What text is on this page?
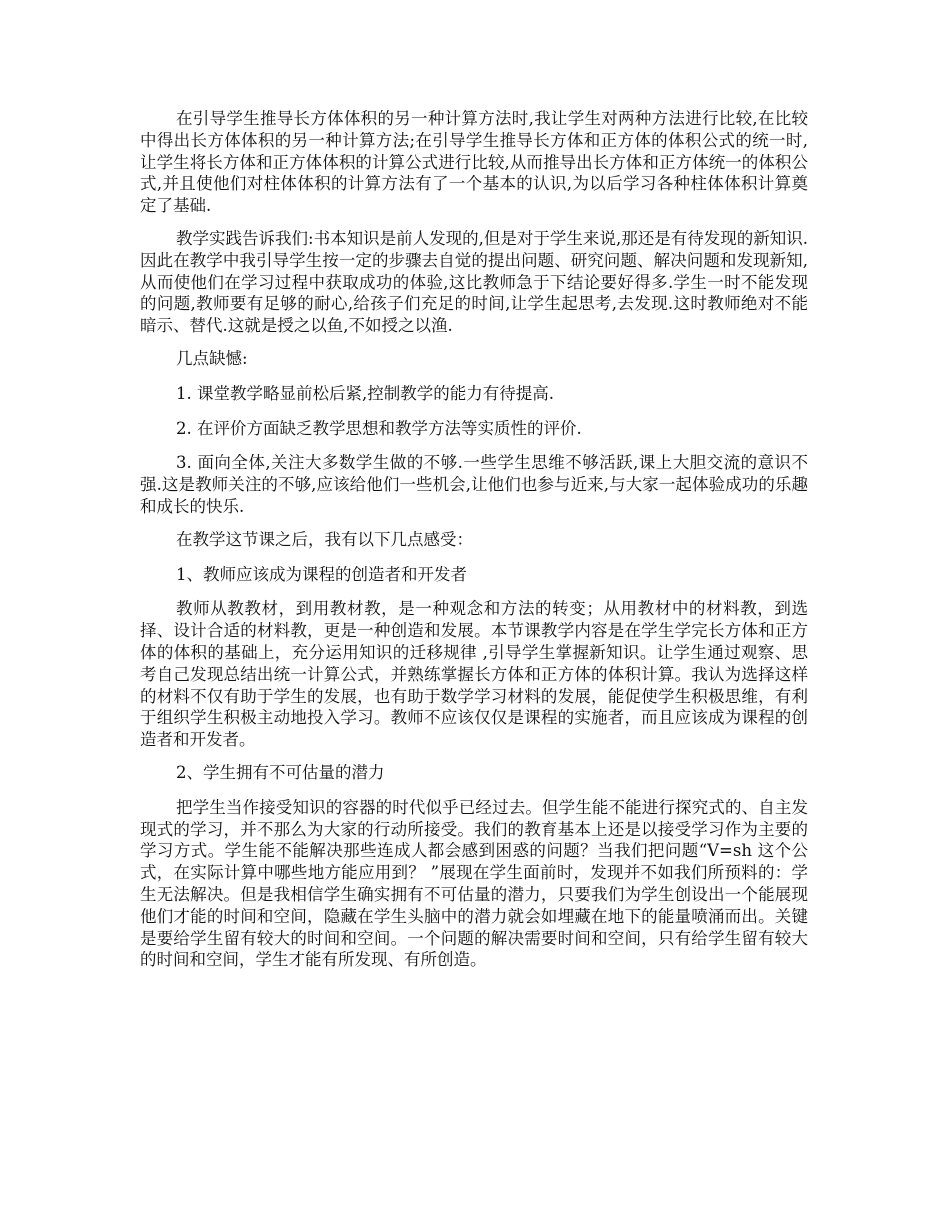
在引导学生推导长方体体积的另一种计算方法时,我让学生对两种方法进行比较,在比较中得出长方体体积的另一种计算方法;在引导学生推导长方体和正方体的体积公式的统一时,让学生将长方体和正方体体积的计算公式进行比较,从而推导出长方体和正方体统一的体积公式,并且使他们对柱体体积的计算方法有了一个基本的认识,为以后学习各种柱体体积计算奠定了基础.

教学实践告诉我们:书本知识是前人发现的,但是对于学生来说,那还是有待发现的新知识.因此在教学中我引导学生按一定的步骤去自觉的提出问题、研究问题、解决问题和发现新知,从而使他们在学习过程中获取成功的体验,这比教师急于下结论要好得多.学生一时不能发现的问题,教师要有足够的耐心,给孩子们充足的时间,让学生起思考,去发现.这时教师绝对不能暗示、替代.这就是授之以鱼,不如授之以渔.

几点缺憾:

1. 课堂教学略显前松后紧,控制教学的能力有待提高.

2. 在评价方面缺乏教学思想和教学方法等实质性的评价.

3. 面向全体,关注大多数学生做的不够.一些学生思维不够活跃,课上大胆交流的意识不强.这是教师关注的不够,应该给他们一些机会,让他们也参与近来,与大家一起体验成功的乐趣和成长的快乐.

在教学这节课之后，我有以下几点感受：

1、教师应该成为课程的创造者和开发者

教师从教教材，到用教材教，是一种观念和方法的转变；从用教材中的材料教，到选择、设计合适的材料教，更是一种创造和发展。本节课教学内容是在学生学完长方体和正方体的体积的基础上，充分运用知识的迁移规律 ,引导学生掌握新知识。让学生通过观察、思考自己发现总结出统一计算公式，并熟练掌握长方体和正方体的体积计算。我认为选择这样的材料不仅有助于学生的发展，也有助于数学学习材料的发展，能促使学生积极思维，有利于组织学生积极主动地投入学习。教师不应该仅仅是课程的实施者，而且应该成为课程的创造者和开发者。

2、学生拥有不可估量的潜力

把学生当作接受知识的容器的时代似乎已经过去。但学生能不能进行探究式的、自主发现式的学习，并不那么为大家的行动所接受。我们的教育基本上还是以接受学习作为主要的学习方式。学生能不能解决那些连成人都会感到困惑的问题？当我们把问题“V=sh 这个公式，在实际计算中哪些地方能应用到？ ”展现在学生面前时，发现并不如我们所预料的：学生无法解决。但是我相信学生确实拥有不可估量的潜力，只要我们为学生创设出一个能展现他们才能的时间和空间，隐藏在学生头脑中的潜力就会如埋藏在地下的能量喷涌而出。关键是要给学生留有较大的时间和空间。一个问题的解决需要时间和空间，只有给学生留有较大的时间和空间，学生才能有所发现、有所创造。
